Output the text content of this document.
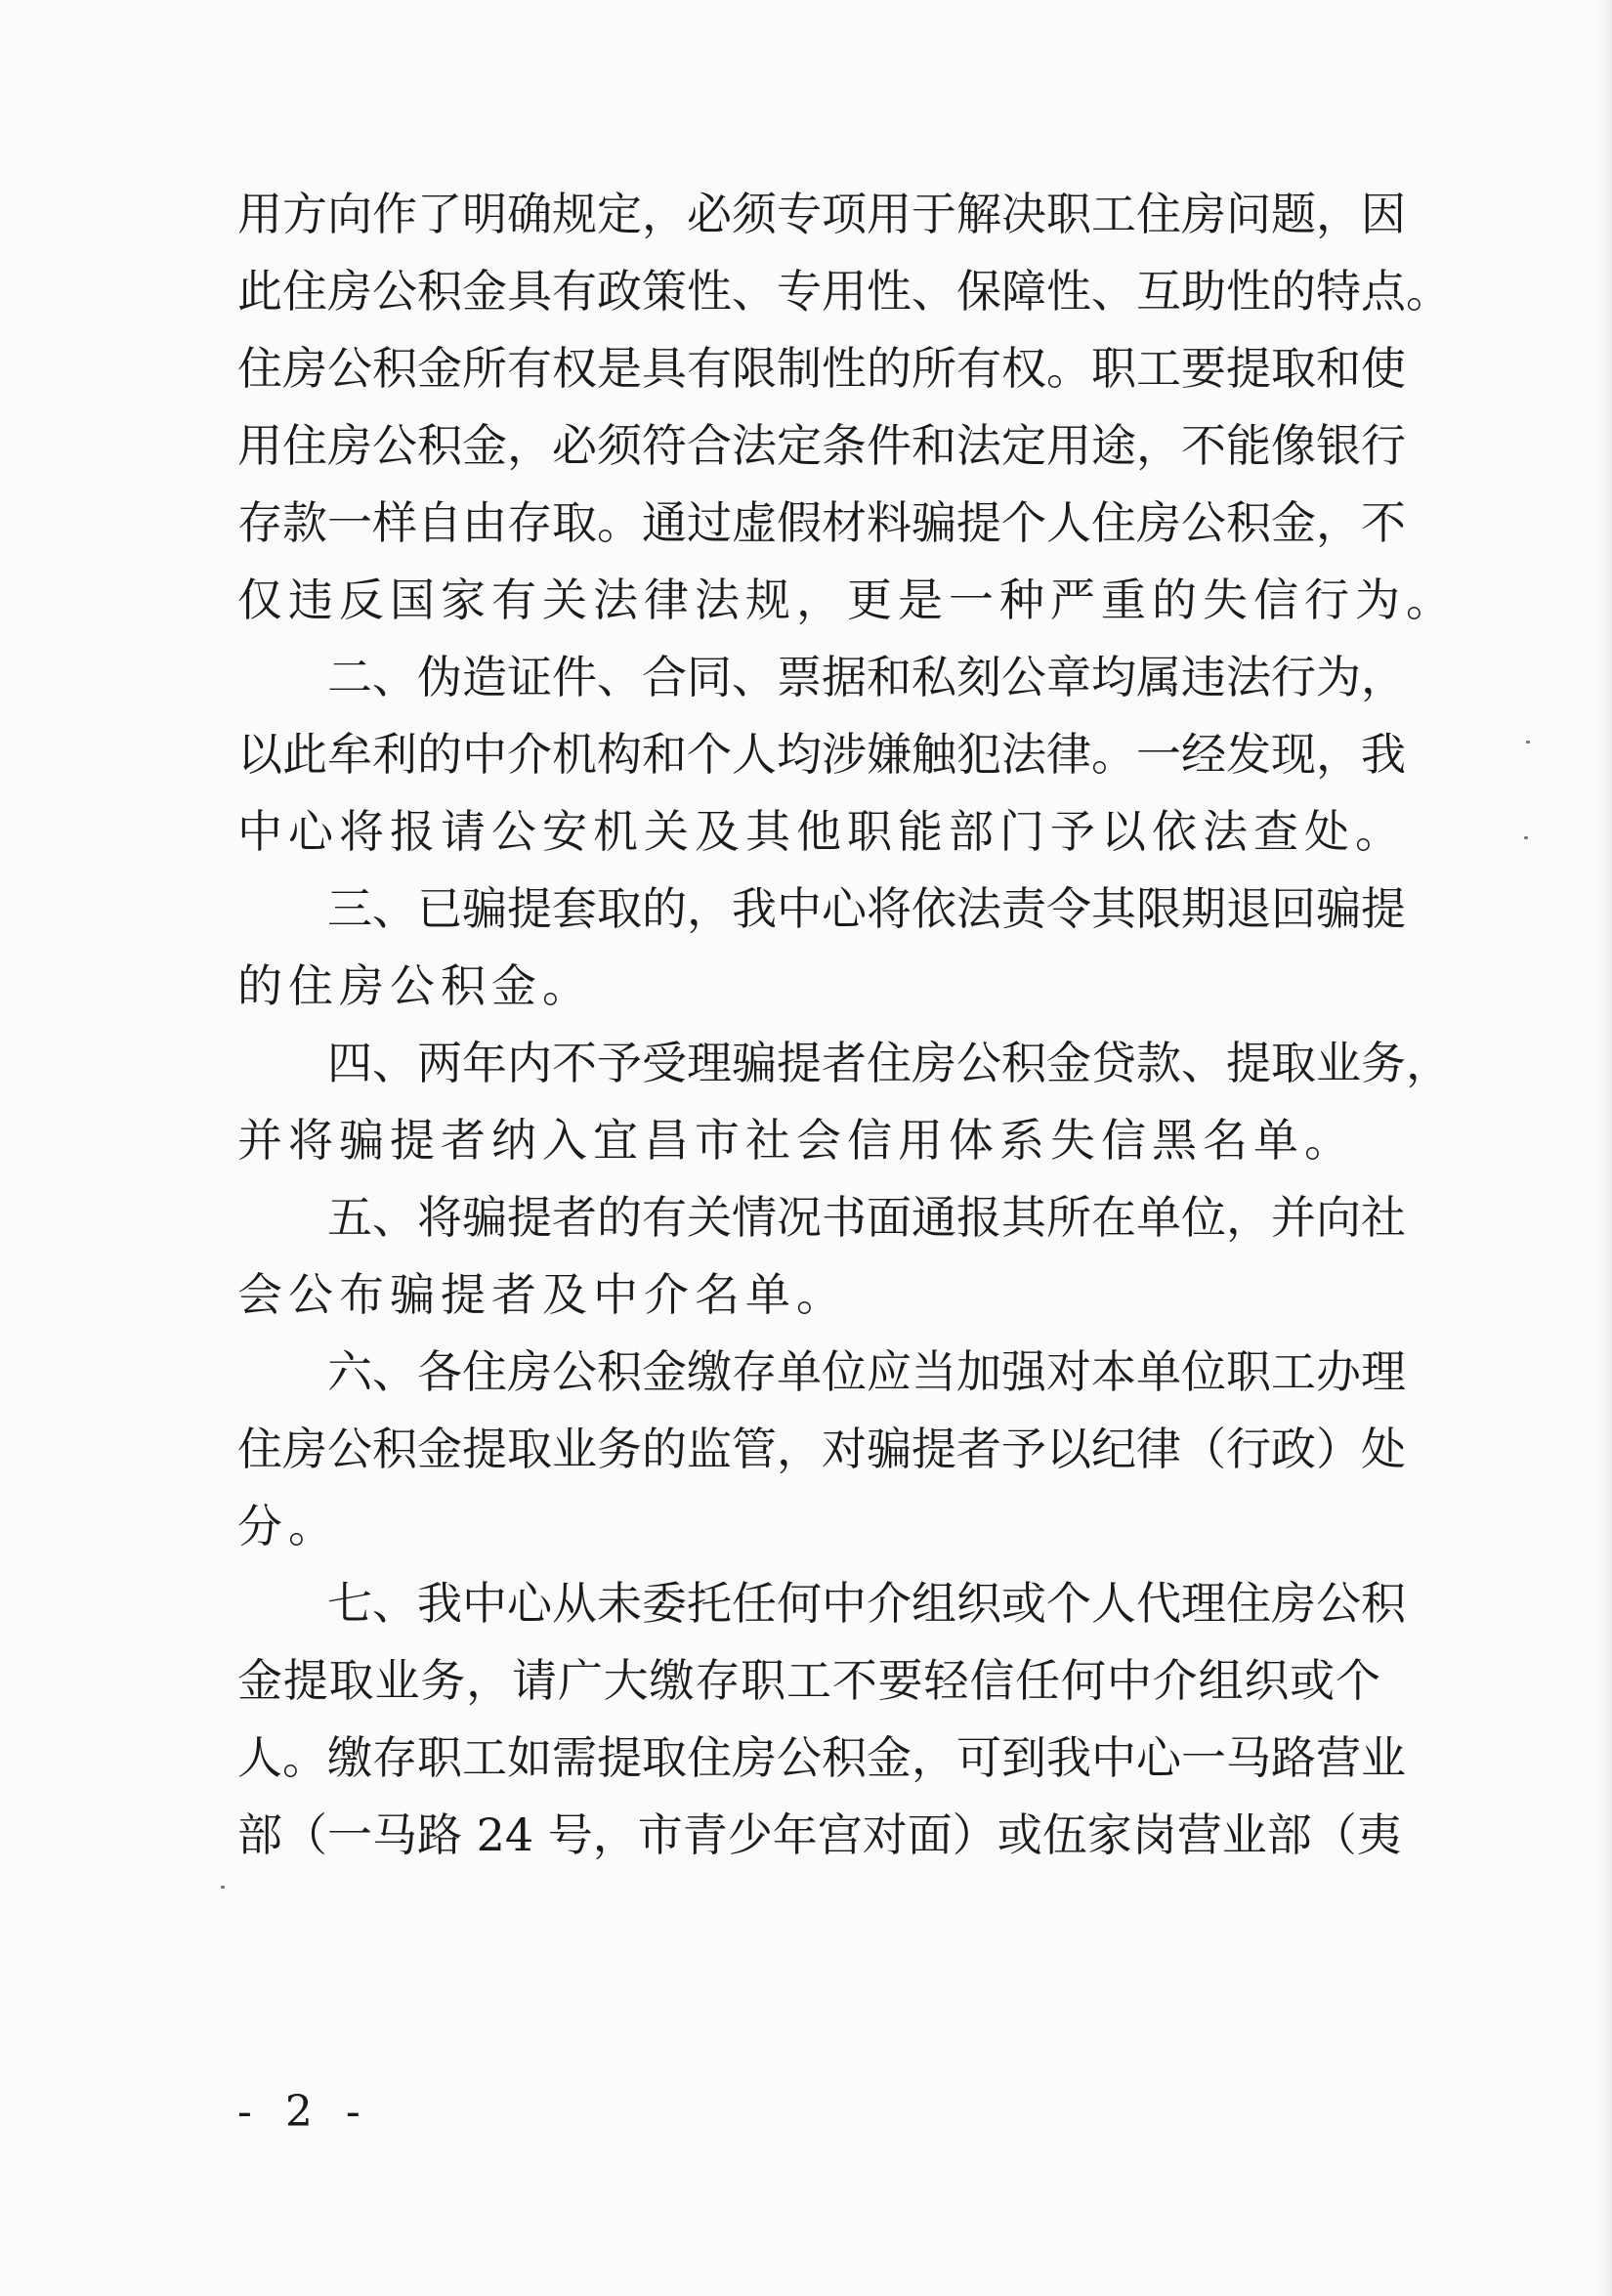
用方向作了明确规定，必须专项用于解决职工住房问题，因
此住房公积金具有政策性、专用性、保障性、互助性的特点。
住房公积金所有权是具有限制性的所有权。职工要提取和使
用住房公积金，必须符合法定条件和法定用途，不能像银行
存款一样自由存取。通过虚假材料骗提个人住房公积金，不
仅违反国家有关法律法规，更是一种严重的失信行为。
二、伪造证件、合同、票据和私刻公章均属违法行为，
以此牟利的中介机构和个人均涉嫌触犯法律。一经发现，我
中心将报请公安机关及其他职能部门予以依法查处。
三、已骗提套取的，我中心将依法责令其限期退回骗提
的住房公积金。
四、两年内不予受理骗提者住房公积金贷款、提取业务，
并将骗提者纳入宜昌市社会信用体系失信黑名单。
五、将骗提者的有关情况书面通报其所在单位，并向社
会公布骗提者及中介名单。
六、各住房公积金缴存单位应当加强对本单位职工办理
住房公积金提取业务的监管，对骗提者予以纪律（行政）处
分。
七、我中心从未委托任何中介组织或个人代理住房公积
金提取业务，请广大缴存职工不要轻信任何中介组织或个
人。缴存职工如需提取住房公积金，可到我中心一马路营业
部（一马路 24 号，市青少年宫对面）或伍家岗营业部（夷
- 2 -
